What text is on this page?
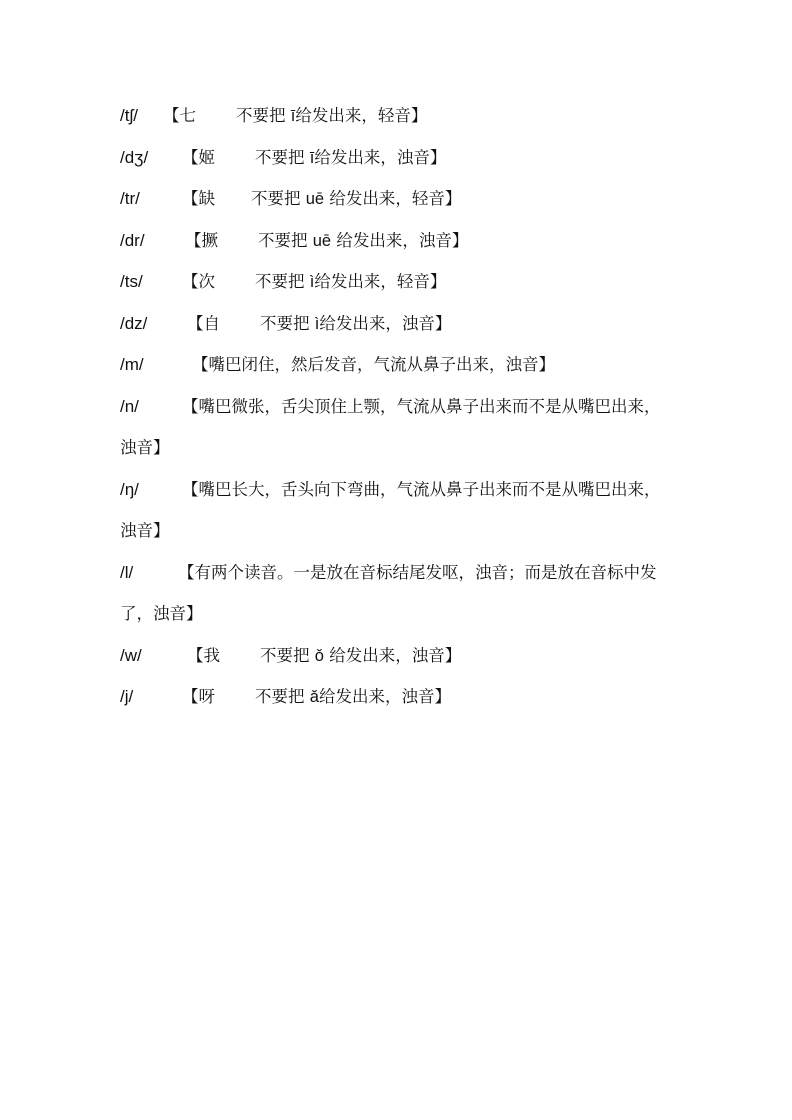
/tʃ/ 【七 不要把 ī给发出来，轻音】
/dʒ/ 【姬 不要把 ī给发出来，浊音】
/tr/	【缺 不要把 uē 给发出来，轻音】
/dr/ 【撅 不要把 uē 给发出来，浊音】
/ts/ 【次 不要把 ì给发出来，轻音】
/dz/ 【自 不要把 ì给发出来，浊音】
/m/	【嘴巴闭住，然后发音，气流从鼻子出来，浊音】
/n/	【嘴巴微张，舌尖顶住上颚，气流从鼻子出来而不是从嘴巴出来，
浊音】
/ŋ/	【嘴巴长大，舌头向下弯曲，气流从鼻子出来而不是从嘴巴出来，
浊音】
/l/	【有两个读音。一是放在音标结尾发呕，浊音；而是放在音标中发
了，浊音】
/w/	【我 不要把 ǒ 给发出来，浊音】
/j/	【呀 不要把 ǎ给发出来，浊音】
